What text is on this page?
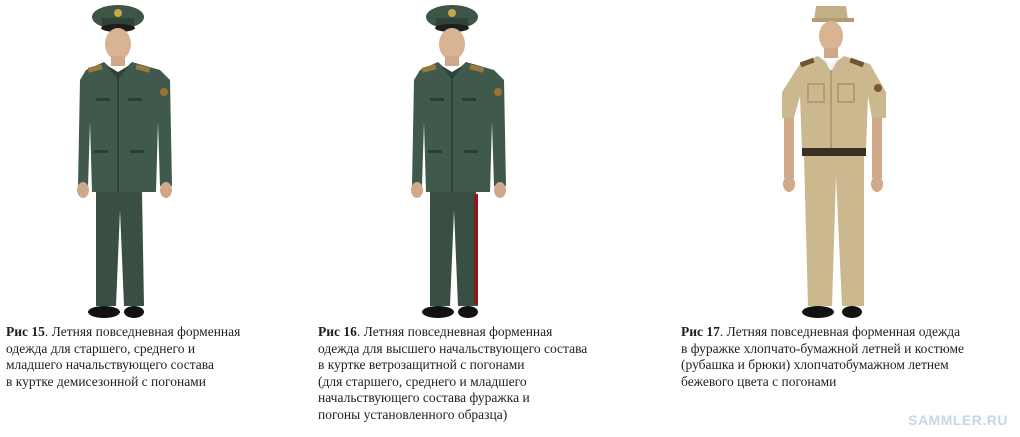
Рис 15. Летняя повседневная форменная
одежда для старшего, среднего и
младшего начальствующего состава
в куртке демисезонной с погонами
Рис 16. Летняя повседневная форменная
одежда для высшего начальствующего состава
в куртке ветрозащитной с погонами
(для старшего, среднего и младшего
начальствующего состава фуражка и
погоны установленного образца)
Рис 17. Летняя повседневная форменная одежда
в фуражке хлопчато-бумажной летней и костюме
(рубашка и брюки) хлопчатобумажном летнем
бежевого цвета с погонами
SAMMLER.RU
